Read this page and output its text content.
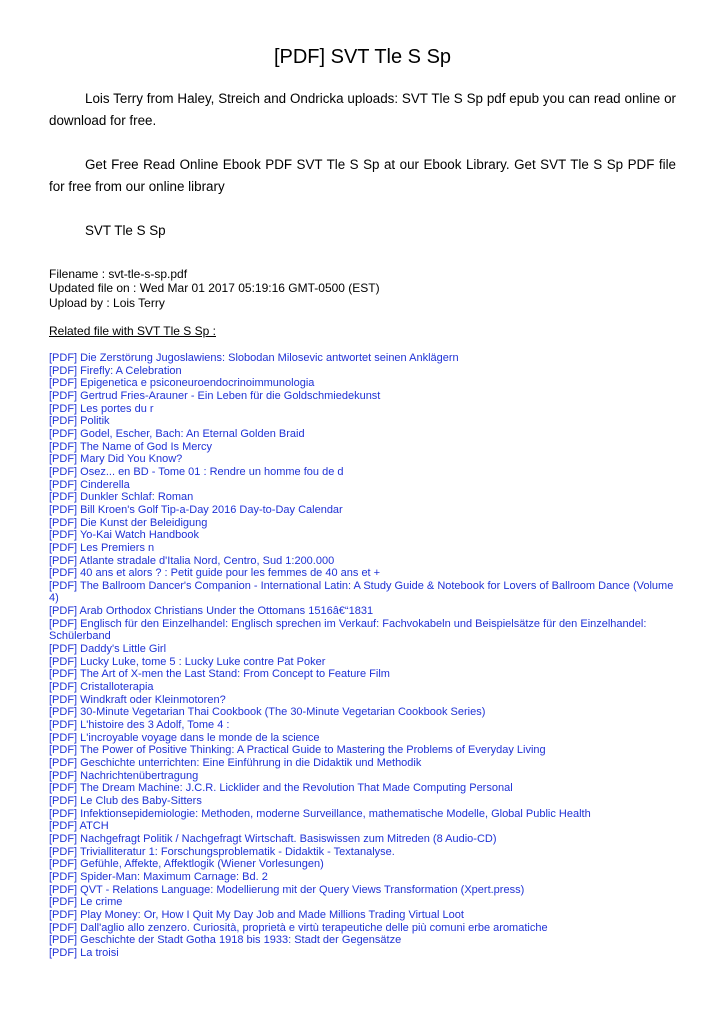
[PDF] SVT Tle S Sp

Lois Terry from Haley, Streich and Ondricka uploads: SVT Tle S Sp pdf epub you can read online or download for free.

Get Free Read Online Ebook PDF SVT Tle S Sp at our Ebook Library. Get SVT Tle S Sp PDF file for free from our online library

SVT Tle S Sp

Filename : svt-tle-s-sp.pdf
Updated file on : Wed Mar 01 2017 05:19:16 GMT-0500 (EST)
Upload by : Lois Terry
Related file with SVT Tle S Sp :
[PDF] Die Zerstörung Jugoslawiens: Slobodan Milosevic antwortet seinen Anklägern
[PDF] Firefly: A Celebration
[PDF] Epigenetica e psiconeuroendocrinoimmunologia
[PDF] Gertrud Fries-Arauner - Ein Leben für die Goldschmiedekunst
[PDF] Les portes du r
[PDF] Politik
[PDF] Godel, Escher, Bach: An Eternal Golden Braid
[PDF] The Name of God Is Mercy
[PDF] Mary Did You Know?
[PDF] Osez... en BD - Tome 01 : Rendre un homme fou de d
[PDF] Cinderella
[PDF] Dunkler Schlaf: Roman
[PDF] Bill Kroen's Golf Tip-a-Day 2016 Day-to-Day Calendar
[PDF] Die Kunst der Beleidigung
[PDF] Yo-Kai Watch Handbook
[PDF] Les Premiers n
[PDF] Atlante stradale d'Italia Nord, Centro, Sud 1:200.000
[PDF] 40 ans et alors ? : Petit guide pour les femmes de 40 ans et +
[PDF] The Ballroom Dancer's Companion - International Latin: A Study Guide & Notebook for Lovers of Ballroom Dance (Volume 4)
[PDF] Arab Orthodox Christians Under the Ottomans 1516â€“1831
[PDF] Englisch für den Einzelhandel: Englisch sprechen im Verkauf: Fachvokabeln und Beispielsätze für den Einzelhandel: Schülerband
[PDF] Daddy's Little Girl
[PDF] Lucky Luke, tome 5 : Lucky Luke contre Pat Poker
[PDF] The Art of X-men the Last Stand: From Concept to Feature Film
[PDF] Cristalloterapia
[PDF] Windkraft oder Kleinmotoren?
[PDF] 30-Minute Vegetarian Thai Cookbook (The 30-Minute Vegetarian Cookbook Series)
[PDF] L'histoire des 3 Adolf, Tome 4 :
[PDF] L'incroyable voyage dans le monde de la science
[PDF] The Power of Positive Thinking: A Practical Guide to Mastering the Problems of Everyday Living
[PDF] Geschichte unterrichten: Eine Einführung in die Didaktik und Methodik
[PDF] Nachrichtenübertragung
[PDF] The Dream Machine: J.C.R. Licklider and the Revolution That Made Computing Personal
[PDF] Le Club des Baby-Sitters
[PDF] Infektionsepidemiologie: Methoden, moderne Surveillance, mathematische Modelle, Global Public Health
[PDF] ATCH
[PDF] Nachgefragt Politik / Nachgefragt Wirtschaft. Basiswissen zum Mitreden (8 Audio-CD)
[PDF] Trivialliteratur 1: Forschungsproblematik - Didaktik - Textanalyse.
[PDF] Gefühle, Affekte, Affektlogik (Wiener Vorlesungen)
[PDF] Spider-Man: Maximum Carnage: Bd. 2
[PDF] QVT - Relations Language: Modellierung mit der Query Views Transformation (Xpert.press)
[PDF] Le crime
[PDF] Play Money: Or, How I Quit My Day Job and Made Millions Trading Virtual Loot
[PDF] Dall'aglio allo zenzero. Curiosità, proprietà e virtù terapeutiche delle più comuni erbe aromatiche
[PDF] Geschichte der Stadt Gotha 1918 bis 1933: Stadt der Gegensätze
[PDF] La troisi
